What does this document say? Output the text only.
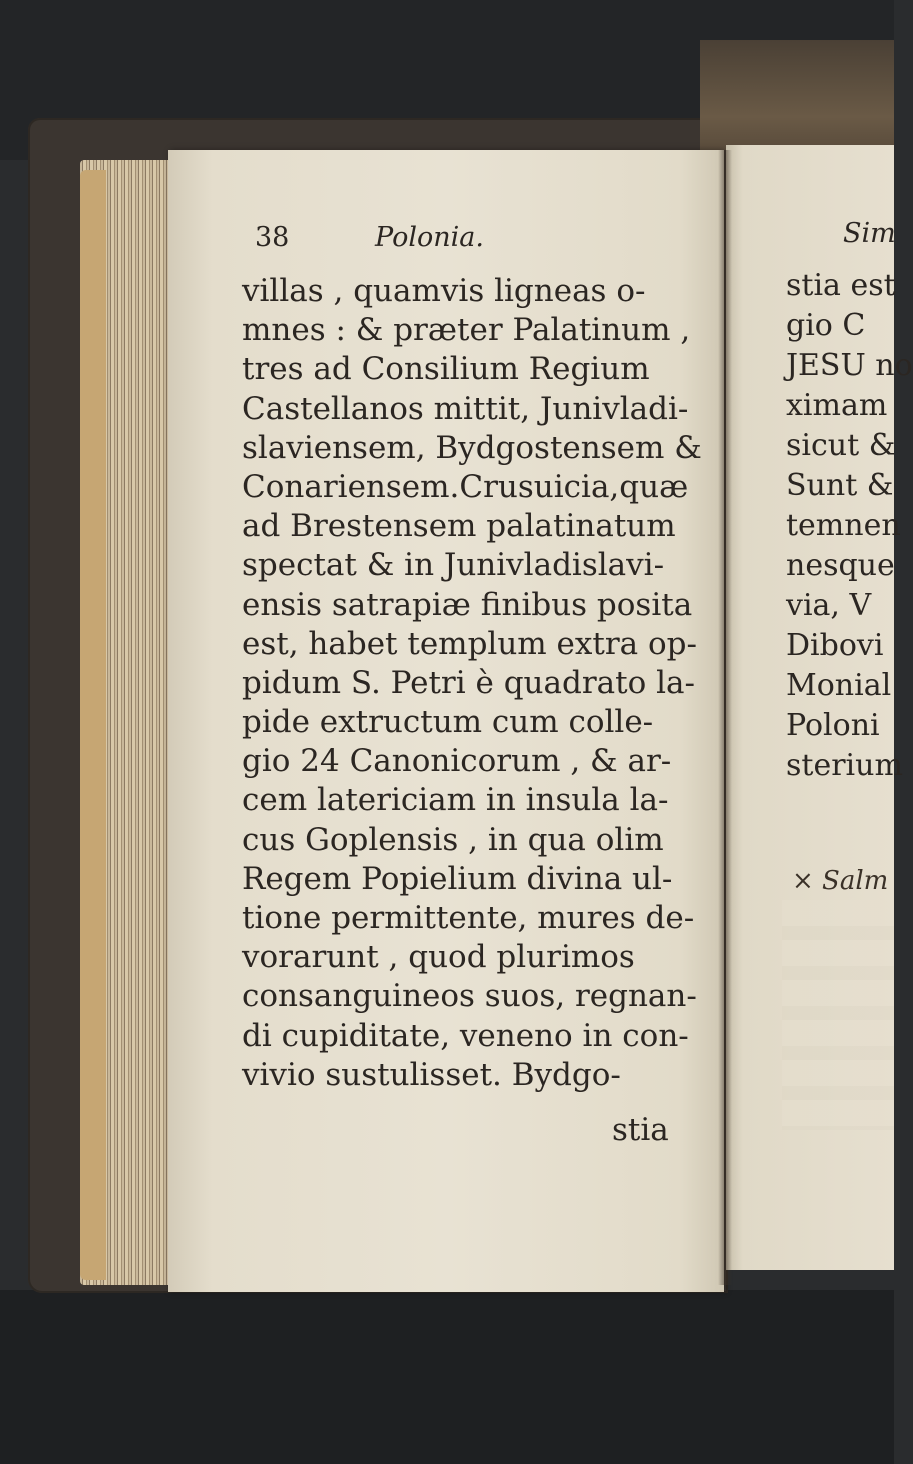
38	Polonia.
villas , quamvis ligneas o-
mnes : & præter Palatinum ,
tres ad Consilium Regium
Castellanos mittit, Junivladi-
slaviensem, Bydgostensem &
Conariensem.Crusuicia,quæ
ad Brestensem palatinatum
spectat & in Junivladislavi-
ensis satrapiæ finibus posita
est, habet templum extra op-
pidum S. Petri è quadrato la-
pide extructum cum colle-
gio 24 Canonicorum , & ar-
cem latericiam in insula la-
cus Goplensis , in qua olim
Regem Popielium divina ul-
tione permittente, mures de-
vorarunt , quod plurimos
consanguineos suos, regnan-
di cupiditate, veneno in con-
vivio sustulisset. Bydgo-
stia
Sim
stia est
gio C
JESU no
ximam
sicut &
Sunt &
temnen
nesque
via, V
Dibovi
Monial
Poloni
sterium
× Salm
